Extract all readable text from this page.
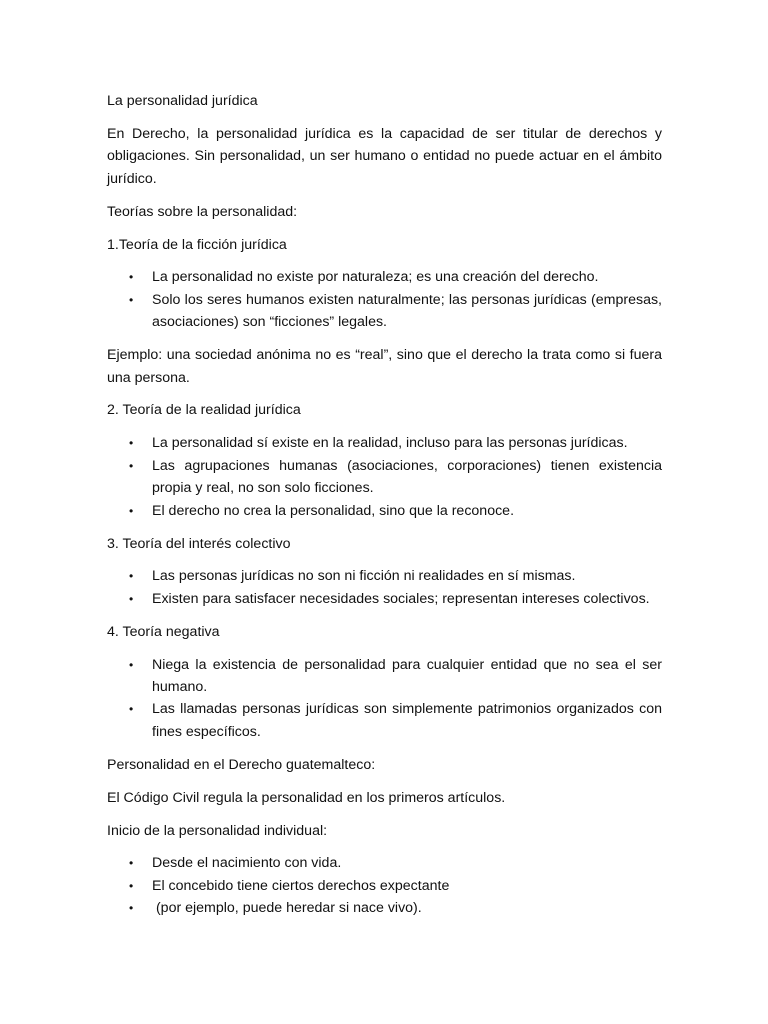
La personalidad jurídica

En Derecho, la personalidad jurídica es la capacidad de ser titular de derechos y obligaciones. Sin personalidad, un ser humano o entidad no puede actuar en el ámbito jurídico.

Teorías sobre la personalidad:

1.Teoría de la ficción jurídica

• La personalidad no existe por naturaleza; es una creación del derecho.
• Solo los seres humanos existen naturalmente; las personas jurídicas (empresas, asociaciones) son “ficciones” legales.

Ejemplo: una sociedad anónima no es “real”, sino que el derecho la trata como si fuera una persona.

2. Teoría de la realidad jurídica

• La personalidad sí existe en la realidad, incluso para las personas jurídicas.
• Las agrupaciones humanas (asociaciones, corporaciones) tienen existencia propia y real, no son solo ficciones.
• El derecho no crea la personalidad, sino que la reconoce.

3. Teoría del interés colectivo

• Las personas jurídicas no son ni ficción ni realidades en sí mismas.
• Existen para satisfacer necesidades sociales; representan intereses colectivos.

4. Teoría negativa

• Niega la existencia de personalidad para cualquier entidad que no sea el ser humano.
• Las llamadas personas jurídicas son simplemente patrimonios organizados con fines específicos.

Personalidad en el Derecho guatemalteco:

El Código Civil regula la personalidad en los primeros artículos.

Inicio de la personalidad individual:

• Desde el nacimiento con vida.
• El concebido tiene ciertos derechos expectante
• (por ejemplo, puede heredar si nace vivo).
